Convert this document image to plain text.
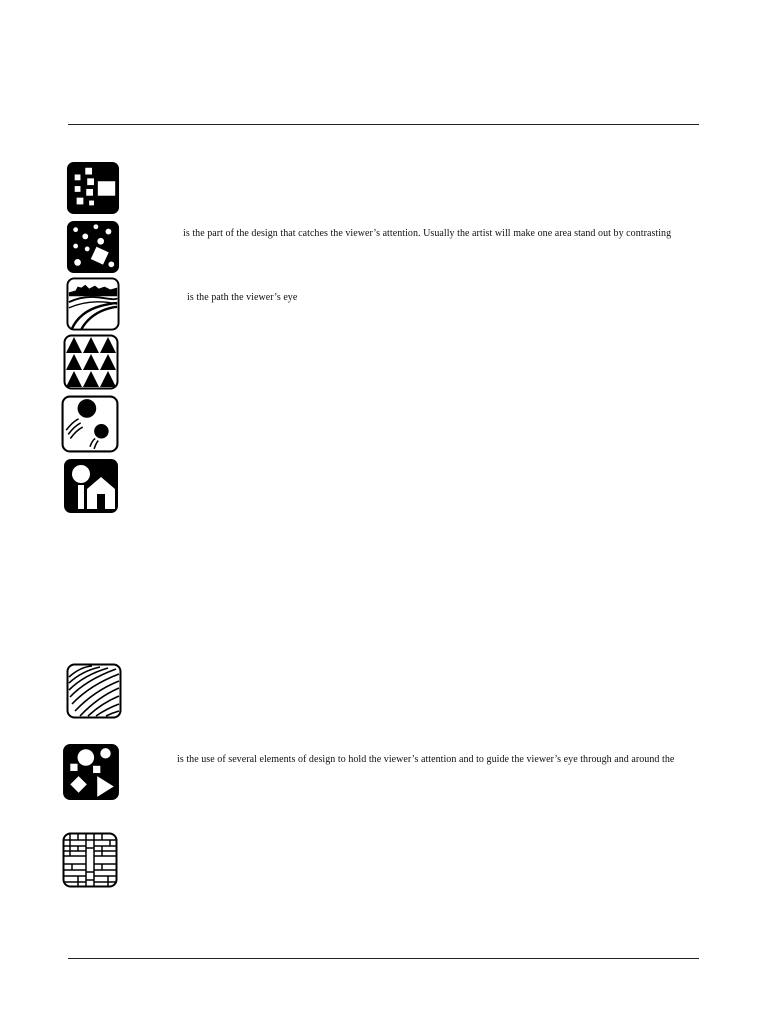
is the part of the design that catches the viewer’s attention. Usually the artist will make one area stand out by contrasting
is the path the viewer’s eye
is the use of several elements of design to hold the viewer’s attention and to guide the viewer’s eye through and around the
